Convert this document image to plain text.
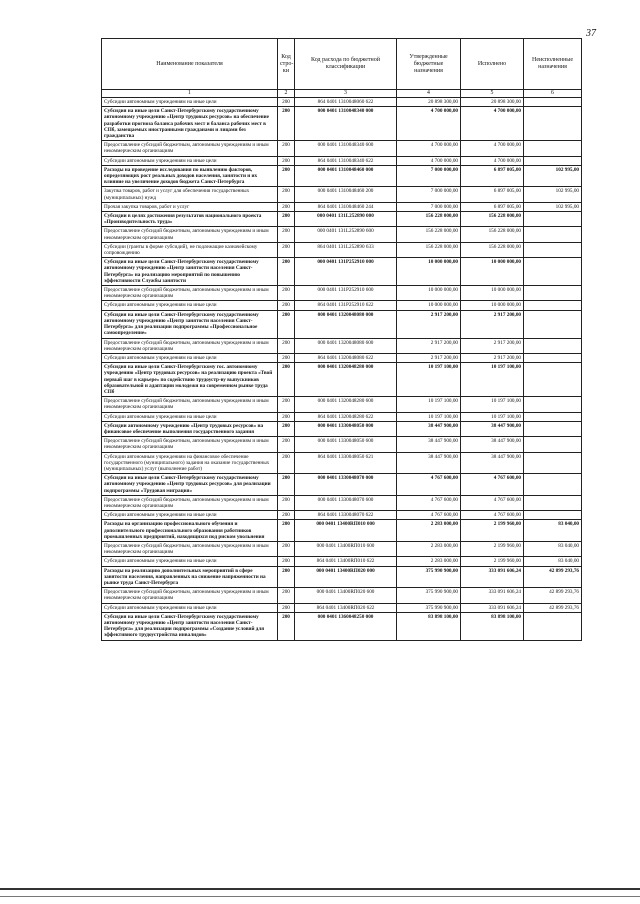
37
Наименование показателя	Код стро-ки	Код расхода по бюджетной классификации	Утвержденные бюджетные назначения	Исполнено	Неисполненные назначения
1	2	3	4	5	6
Субсидии автономным учреждениям на иные цели	200	864 0401 1310048060 622	20 898 300,00	20 898 300,00	
Субсидия на иные цели Санкт-Петербургскому государственному автономному учреждению «Центр трудовых ресурсов» на обеспечение разработки прогноза баланса рабочих мест и баланса рабочих мест в СПб, замещаемых иностранными гражданами и лицами без гражданства	200	000 0401 1310048340 000	4 700 000,00	4 700 000,00	
Предоставление субсидий бюджетным, автономным учреждениям и иным некоммерческим организациям	200	000 0401 1310048340 600	4 700 000,00	4 700 000,00	
Субсидии автономным учреждениям на иные цели	200	864 0401 1310048340 622	4 700 000,00	4 700 000,00	
Расходы на проведение исследования по выявлению факторов, определяющих рост реальных доходов населения, занятости и их влияние на увеличение доходов бюджета Санкт-Петербурга	200	000 0401 1310048460 000	7 000 000,00	6 897 005,00	102 995,00
Закупка товаров, работ и услуг для обеспечения государственных (муниципальных) нужд	200	000 0401 1310048460 200	7 000 000,00	6 897 005,00	102 995,00
Прочая закупка товаров, работ и услуг	200	864 0401 1310048460 244	7 000 000,00	6 897 005,00	102 995,00
Субсидии в целях достижения результатов национального проекта «Производительность труда»	200	000 0401 131L252890 000	156 228 000,00	156 228 000,00	
Предоставление субсидий бюджетным, автономным учреждениям и иным некоммерческим организациям	200	000 0401 131L252890 600	156 228 000,00	156 228 000,00	
Субсидии (гранты в форме субсидий), не подлежащие казначейскому сопровождению	200	864 0401 131L252890 633	156 228 000,00	156 228 000,00	
Субсидия на иные цели Санкт-Петербургскому государственному автономному учреждению «Центр занятости населения Санкт-Петербурга» на реализацию мероприятий по повышению эффективности Службы занятости	200	000 0401 131P252910 000	10 000 000,00	10 000 000,00	
Предоставление субсидий бюджетным, автономным учреждениям и иным некоммерческим организациям	200	000 0401 131P252910 600	10 000 000,00	10 000 000,00	
Субсидии автономным учреждениям на иные цели	200	864 0401 131P252910 622	10 000 000,00	10 000 000,00	
Субсидия на иные цели Санкт-Петербургскому государственному автономному учреждению «Центр занятости населения Санкт-Петербурга» для реализации подпрограммы «Профессиональное самоопределение»	200	000 0401 1320048080 000	2 917 200,00	2 917 200,00	
Предоставление субсидий бюджетным, автономным учреждениям и иным некоммерческим организациям	200	000 0401 1320048080 600	2 917 200,00	2 917 200,00	
Субсидии автономным учреждениям на иные цели	200	864 0401 1320048080 622	2 917 200,00	2 917 200,00	
Субсидия на иные цели Санкт-Петербургскому гос. автономному учреждению «Центр трудовых ресурсов» на реализацию проекта «Твой первый шаг в карьере» по содействию трудоустр-ву выпускников образовательной и адаптации молодежи на современном рынке труда СПб	200	000 0401 1320048280 000	10 197 100,00	10 197 100,00	
Предоставление субсидий бюджетным, автономным учреждениям и иным некоммерческим организациям	200	000 0401 1320048280 600	10 197 100,00	10 197 100,00	
Субсидии автономным учреждениям на иные цели	200	864 0401 1320048280 622	10 197 100,00	10 197 100,00	
Субсидии автономному учреждению «Центр трудовых ресурсов» на финансовое обеспечение выполнения государственного задания	200	000 0401 1330048050 000	38 447 900,00	38 447 900,00	
Предоставление субсидий бюджетным, автономным учреждениям и иным некоммерческим организациям	200	000 0401 1330048050 600	38 447 900,00	38 447 900,00	
Субсидии автономным учреждениям на финансовое обеспечение государственного (муниципального) задания на оказание государственных (муниципальных) услуг (выполнение работ)	200	864 0401 1330048050 621	38 447 900,00	38 447 900,00	
Субсидия на иные цели Санкт-Петербургскому государственному автономному учреждению «Центр трудовых ресурсов» для реализации подпрограммы «Трудовая миграция»	200	000 0401 1330048070 000	4 767 600,00	4 767 600,00	
Предоставление субсидий бюджетным, автономным учреждениям и иным некоммерческим организациям	200	000 0401 1330048070 600	4 767 600,00	4 767 600,00	
Субсидии автономным учреждениям на иные цели	200	864 0401 1330048070 622	4 767 600,00	4 767 600,00	
Расходы на организацию профессионального обучения и дополнительного профессионального образования работников промышленных предприятий, находящихся под риском увольнения	200	000 0401 13400RП010 000	2 283 000,00	2 199 960,00	83 040,00
Предоставление субсидий бюджетным, автономным учреждениям и иным некоммерческим организациям	200	000 0401 13400RП010 600	2 283 000,00	2 199 960,00	83 040,00
Субсидии автономным учреждениям на иные цели	200	864 0401 13400RП010 622	2 283 000,00	2 199 960,00	83 040,00
Расходы на реализацию дополнительных мероприятий в сфере занятости населения, направленных на снижение напряженности на рынке труда Санкт-Петербурга	200	000 0401 13400RП020 000	375 990 900,00	333 091 606,24	42 899 293,76
Предоставление субсидий бюджетным, автономным учреждениям и иным некоммерческим организациям	200	000 0401 13400RП020 600	375 990 900,00	333 091 606,24	42 899 293,76
Субсидии автономным учреждениям на иные цели	200	864 0401 13400RП020 622	375 990 900,00	333 091 606,24	42 899 293,76
Субсидия на иные цели Санкт-Петербургскому государственному автономному учреждению «Центр занятости населения Санкт-Петербурга» для реализации подпрограммы «Создание условий для эффективного трудоустройства инвалидов»	200	000 0401 1360048250 000	83 898 100,00	83 898 100,00	
